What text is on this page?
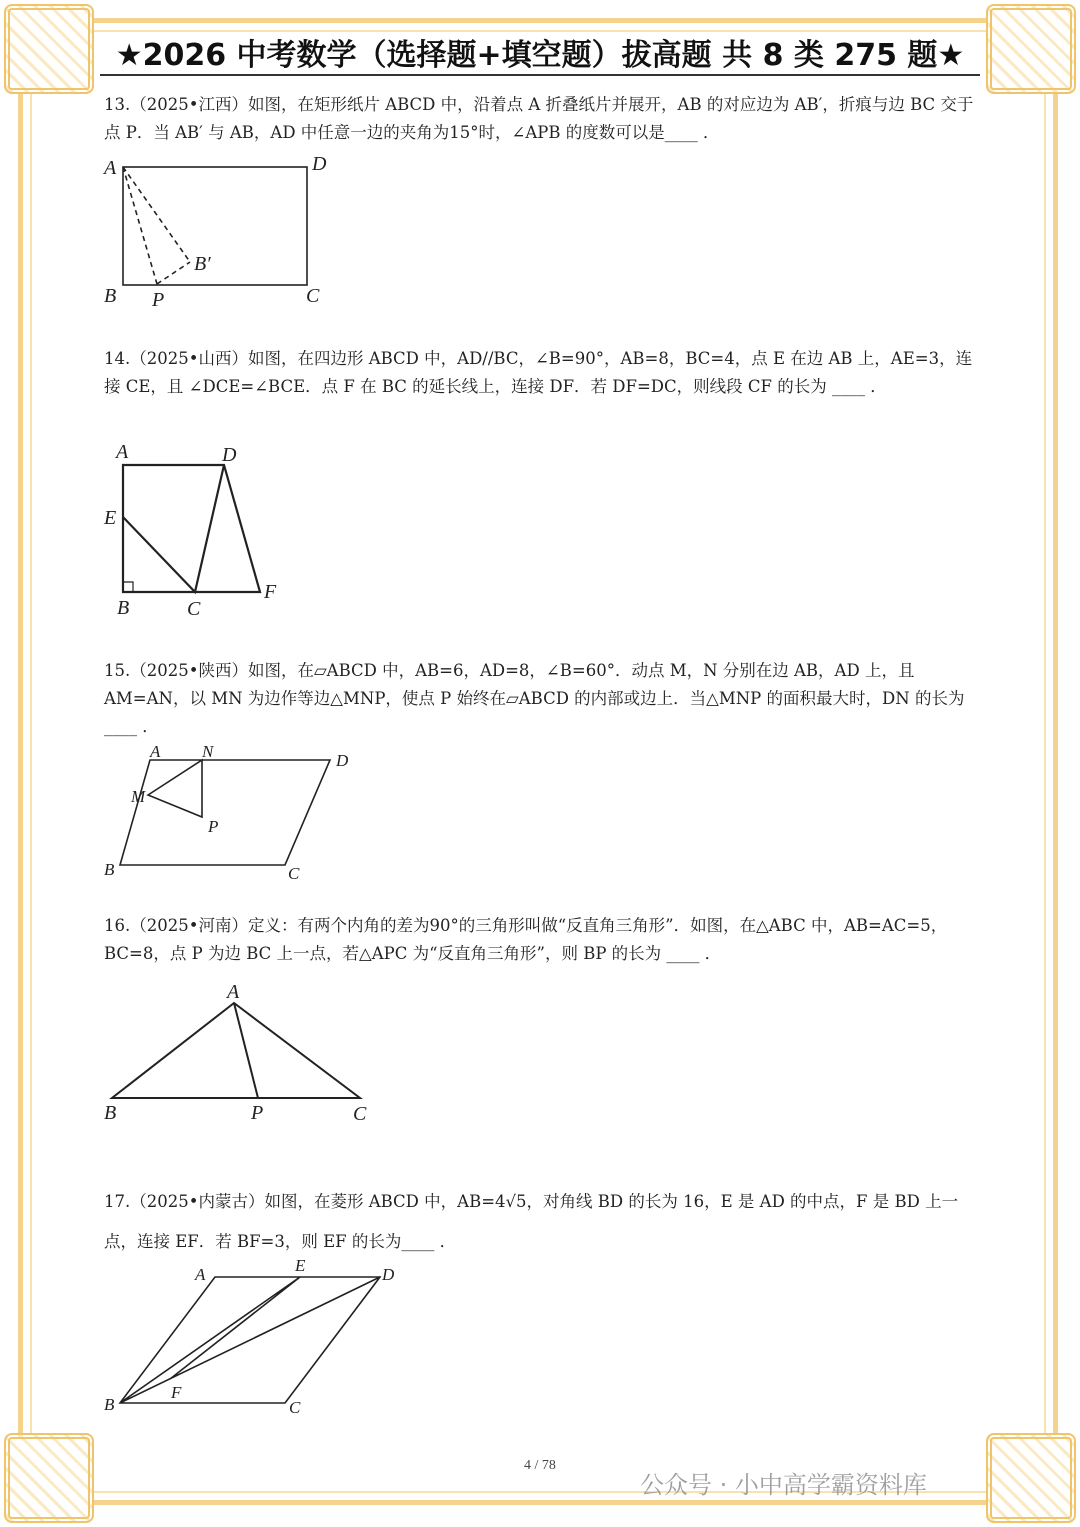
★2026 中考数学（选择题+填空题）拔高题 共 8 类 275 题★
13.（2025•江西）如图，在矩形纸片 ABCD 中，沿着点 A 折叠纸片并展开，AB 的对应边为 AB′，折痕与边 BC 交于点 P．当 AB′ 与 AB，AD 中任意一边的夹角为15°时，∠APB 的度数可以是____ ．
14.（2025•山西）如图，在四边形 ABCD 中，AD//BC，∠B=90°，AB=8，BC=4，点 E 在边 AB 上，AE=3，连接 CE，且 ∠DCE=∠BCE．点 F 在 BC 的延长线上，连接 DF．若 DF=DC，则线段 CF 的长为 ____ ．
15.（2025•陕西）如图，在▱ABCD 中，AB=6，AD=8，∠B=60°．动点 M，N 分别在边 AB，AD 上，且 AM=AN，以 MN 为边作等边△MNP，使点 P 始终在▱ABCD 的内部或边上．当△MNP 的面积最大时，DN 的长为 ____ ．
16.（2025•河南）定义：有两个内角的差为90°的三角形叫做“反直角三角形”．如图，在△ABC 中，AB=AC=5，BC=8，点 P 为边 BC 上一点，若△APC 为“反直角三角形”，则 BP 的长为 ____ ．
17.（2025•内蒙古）如图，在菱形 ABCD 中，AB=4√5，对角线 BD 的长为 16，E 是 AD 的中点，F 是 BD 上一点，连接 EF．若 BF=3，则 EF 的长为____ ．
A	D
B P	C
B′
A	D
E
B	C
F
A N	D
M
P
B	C
A
B	P	C
A	E	D
B
F
C
4 / 78
公众号 · 小中高学霸资料库
